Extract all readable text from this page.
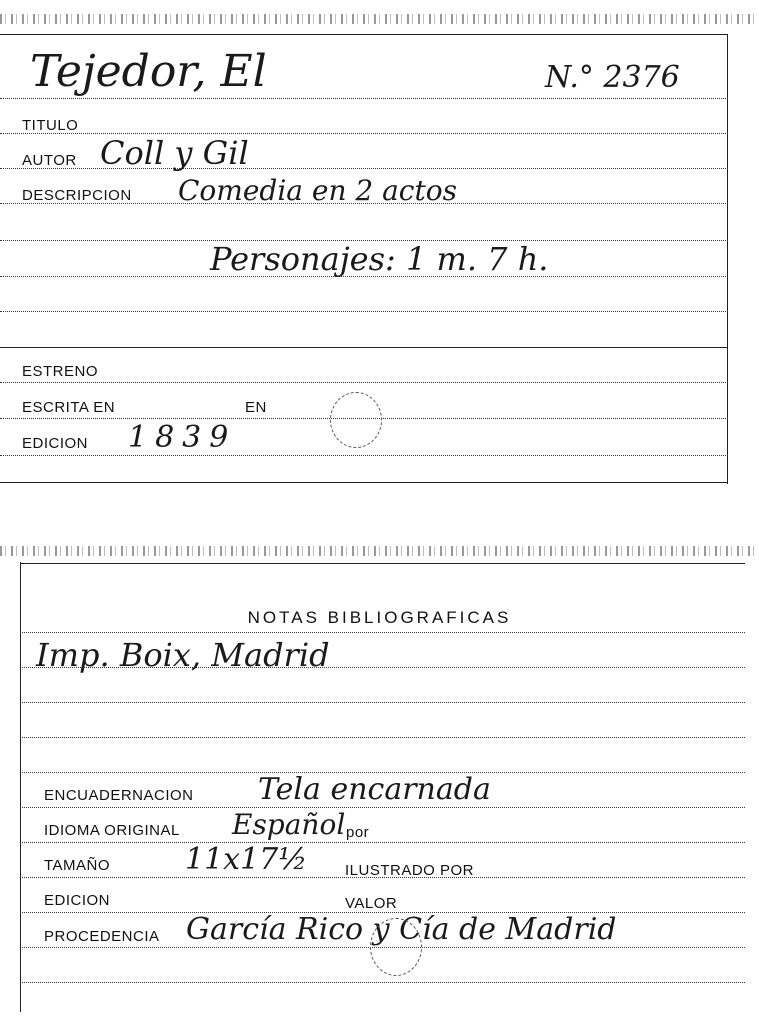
Tejedor, El	N.° 2376
TITULO
AUTOR Coll y Gil
DESCRIPCION Comedia en 2 actos
Personajes: 1 m. 7 h.
ESTRENO
ESCRITA EN	EN
EDICION 1839
NOTAS BIBLIOGRAFICAS
Imp. Boix, Madrid
ENCUADERNACION Tela encarnada
IDIOMA ORIGINAL Español por
TAMAÑO 11x17½	ILUSTRADO POR
EDICION	VALOR
PROCEDENCIA García Rico y Cía de Madrid
